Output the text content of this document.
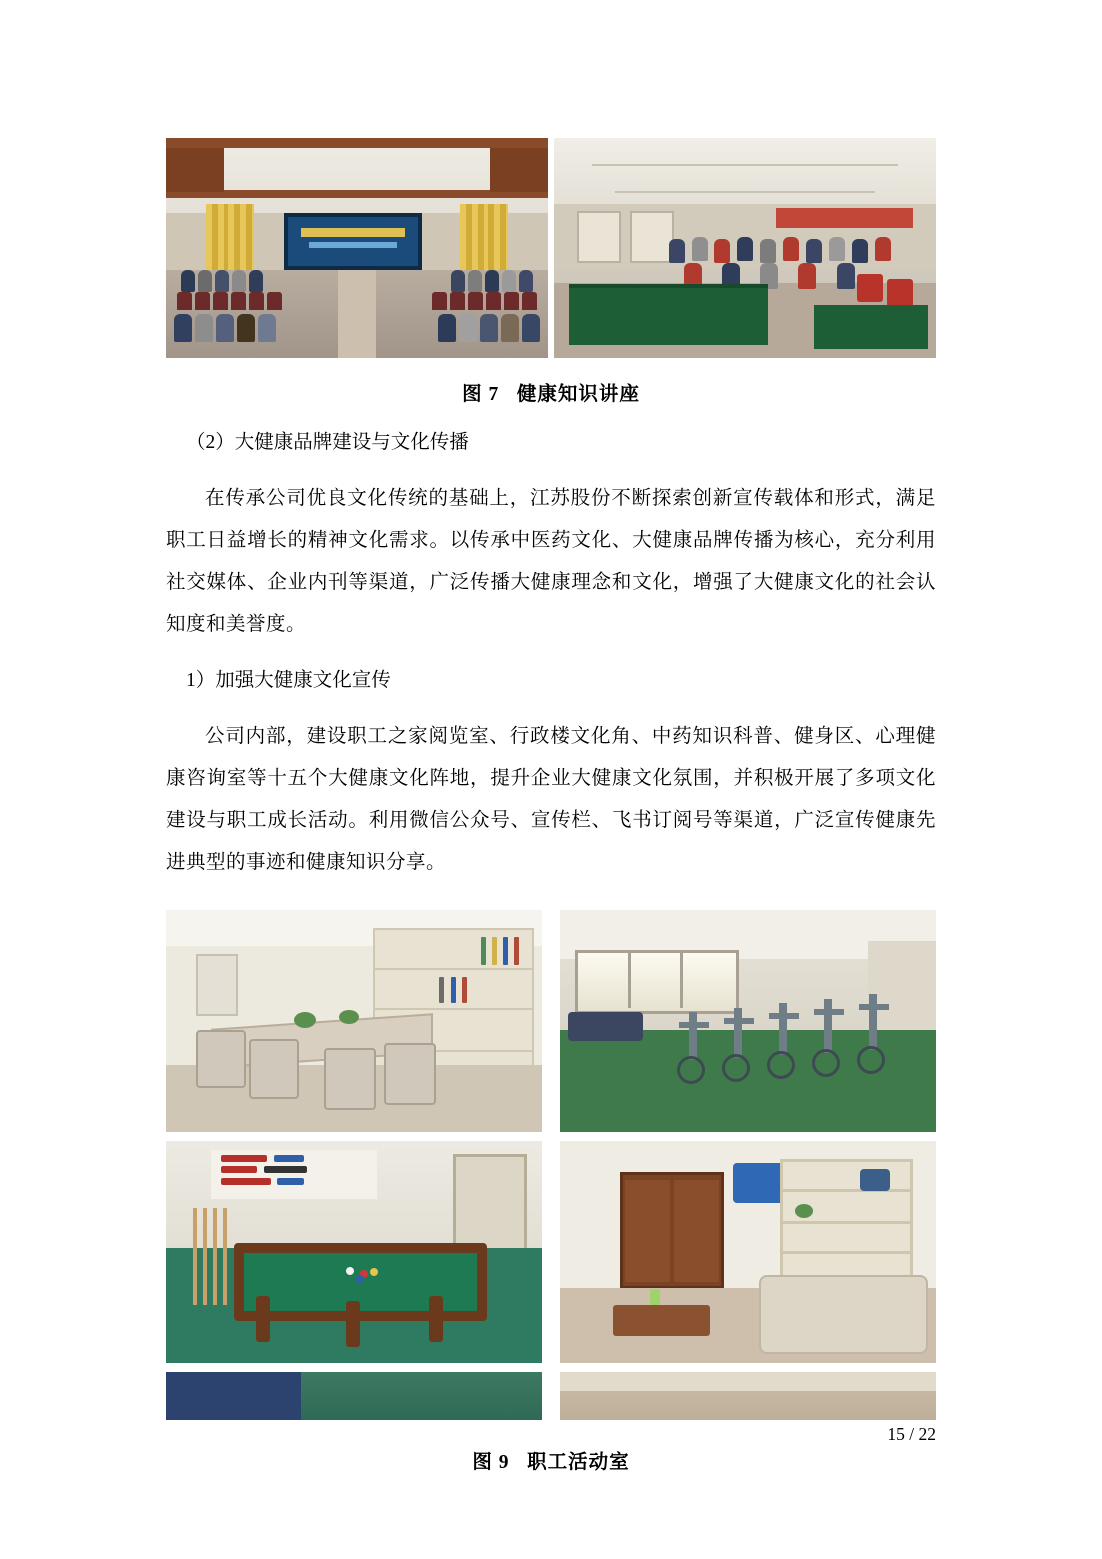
图 7 健康知识讲座

（2）大健康品牌建设与文化传播

在传承公司优良文化传统的基础上，江苏股份不断探索创新宣传载体和形式，满足职工日益增长的精神文化需求。以传承中医药文化、大健康品牌传播为核心，充分利用社交媒体、企业内刊等渠道，广泛传播大健康理念和文化，增强了大健康文化的社会认知度和美誉度。

1）加强大健康文化宣传

公司内部，建设职工之家阅览室、行政楼文化角、中药知识科普、健身区、心理健康咨询室等十五个大健康文化阵地，提升企业大健康文化氛围，并积极开展了多项文化建设与职工成长活动。利用微信公众号、宣传栏、飞书订阅号等渠道，广泛宣传健康先进典型的事迹和健康知识分享。

图 9 职工活动室
15 / 22
